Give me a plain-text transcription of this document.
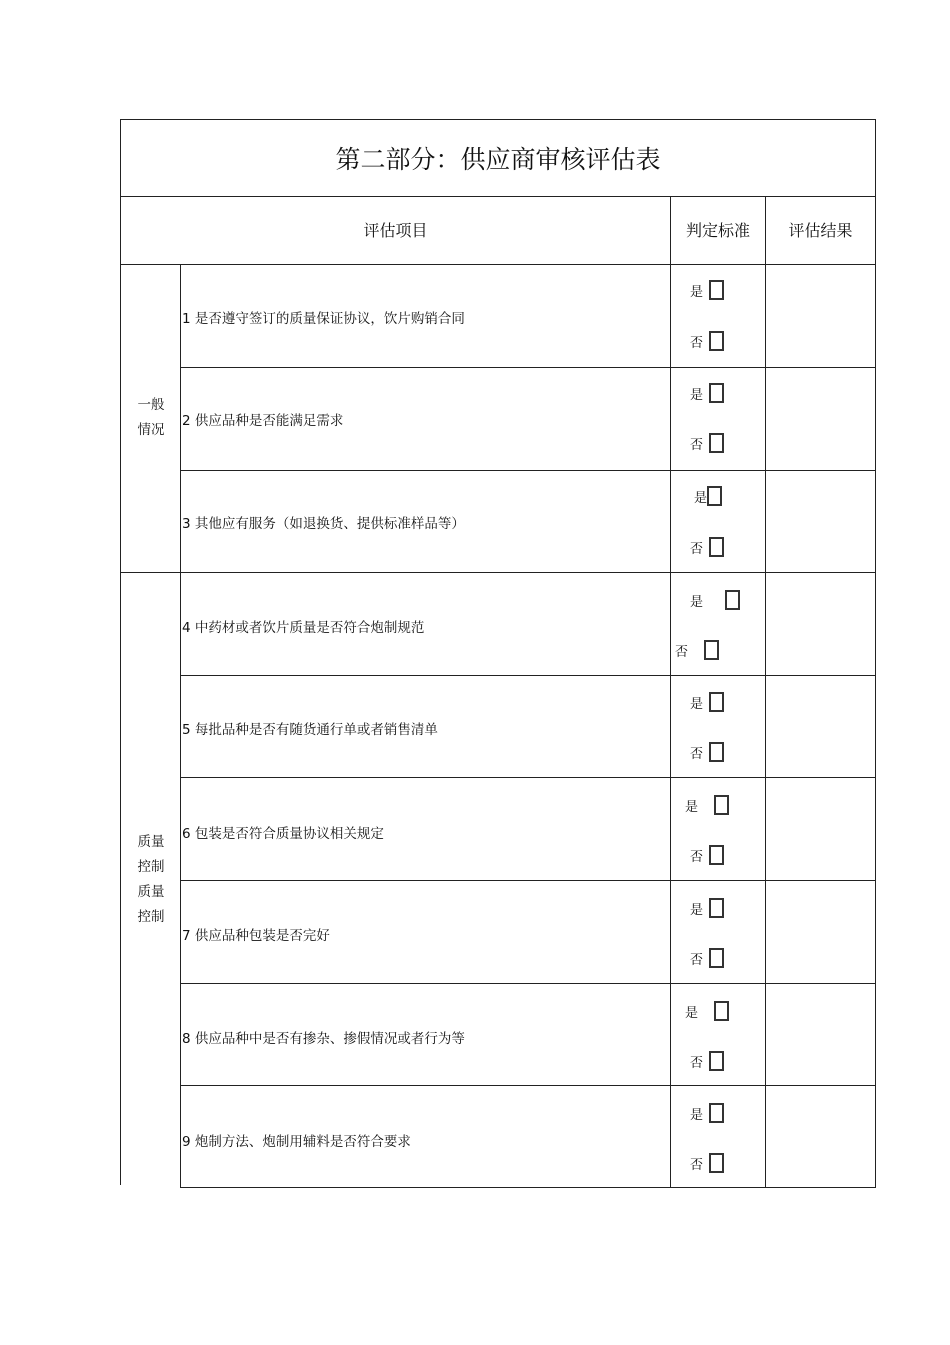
第二部分：供应商审核评估表
评估项目	判定标准	评估结果
一般
情况
质量
控制
质量
控制
1 是否遵守签订的质量保证协议，饮片购销合同
2 供应品种是否能满足需求
3 其他应有服务（如退换货、提供标准样品等）
4 中药材或者饮片质量是否符合炮制规范
5 每批品种是否有随货通行单或者销售清单
6 包装是否符合质量协议相关规定
7 供应品种包装是否完好
8 供应品种中是否有掺杂、掺假情况或者行为等
9 炮制方法、炮制用辅料是否符合要求
是
否
是
否
是
否
是
否
是
否
是
否
是
否
是
否
是
否
